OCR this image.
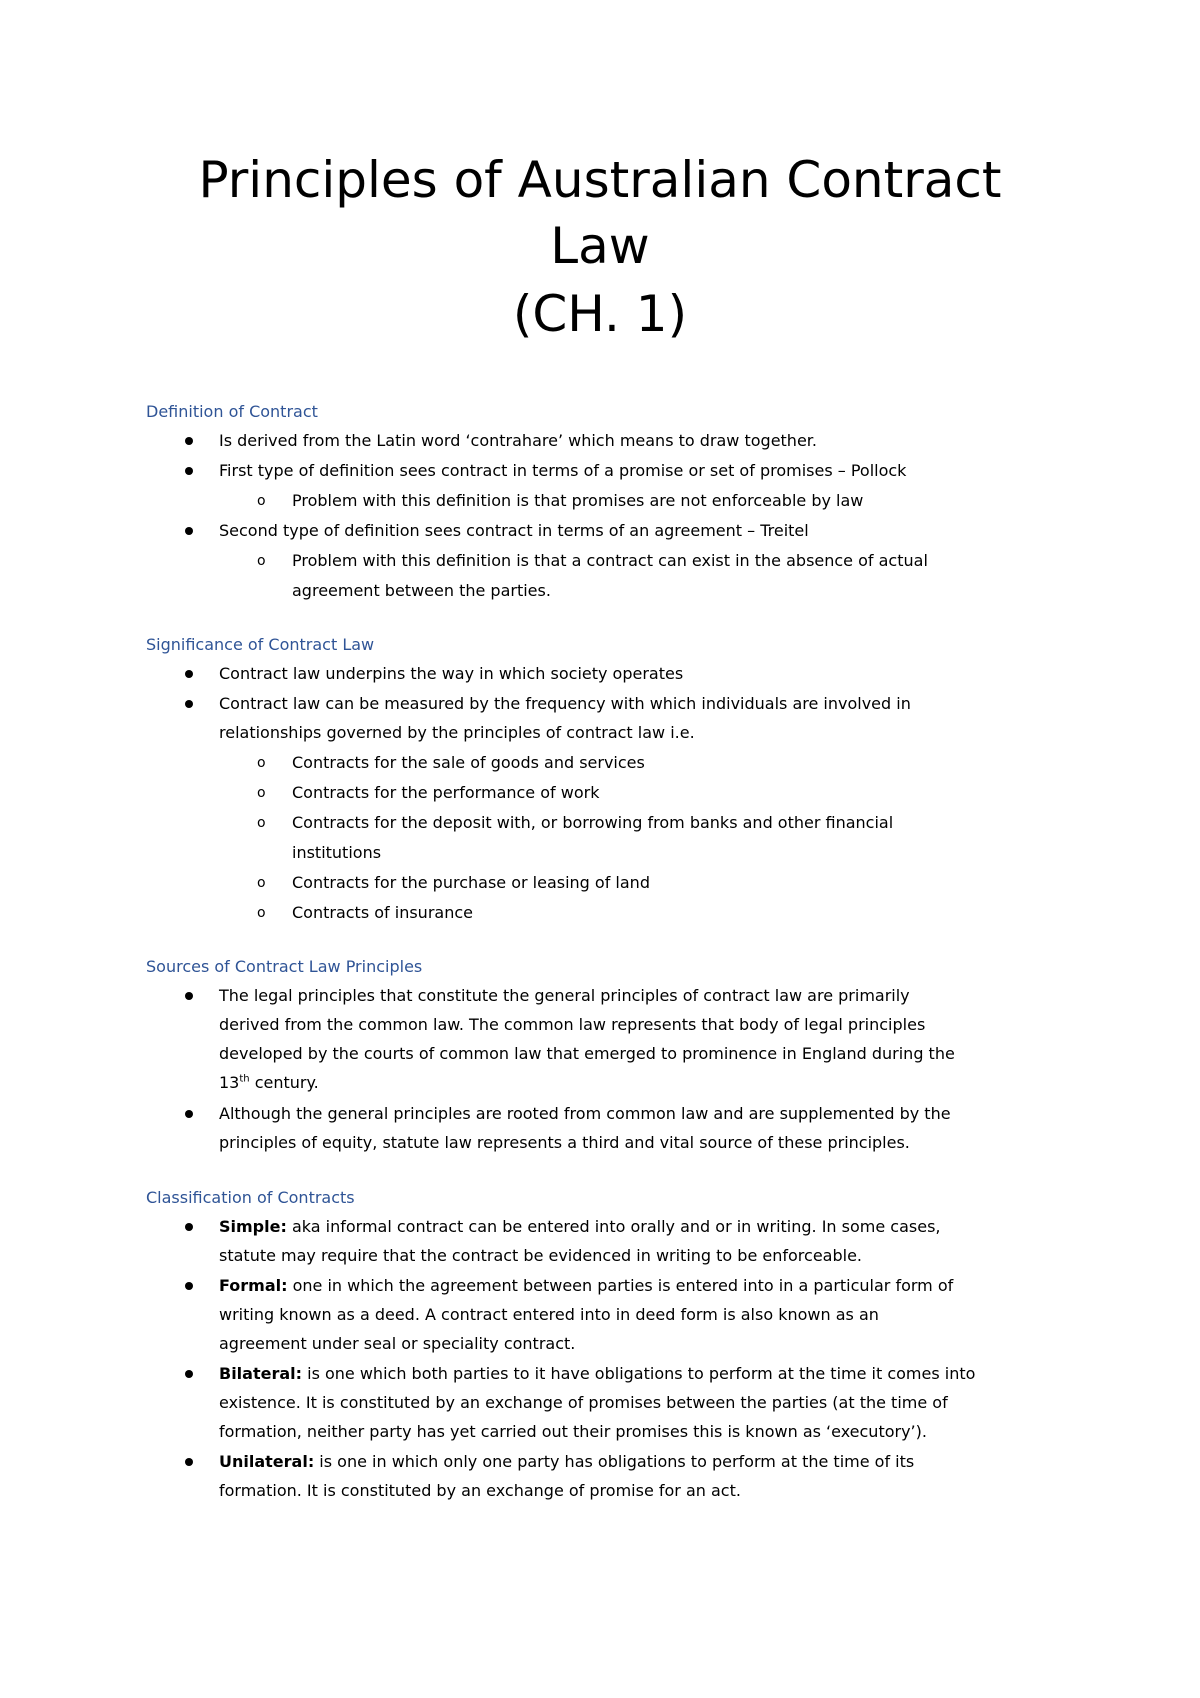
Principles of Australian Contract
Law
(CH. 1)
Definition of Contract
Is derived from the Latin word ‘contrahare’ which means to draw together.
First type of definition sees contract in terms of a promise or set of promises – Pollock
o Problem with this definition is that promises are not enforceable by law
Second type of definition sees contract in terms of an agreement – Treitel
o Problem with this definition is that a contract can exist in the absence of actual
agreement between the parties.
Significance of Contract Law
Contract law underpins the way in which society operates
Contract law can be measured by the frequency with which individuals are involved in
relationships governed by the principles of contract law i.e.
o Contracts for the sale of goods and services
o Contracts for the performance of work
o Contracts for the deposit with, or borrowing from banks and other financial
institutions
o Contracts for the purchase or leasing of land
o Contracts of insurance
Sources of Contract Law Principles
The legal principles that constitute the general principles of contract law are primarily
derived from the common law. The common law represents that body of legal principles
developed by the courts of common law that emerged to prominence in England during the
13th century.
Although the general principles are rooted from common law and are supplemented by the
principles of equity, statute law represents a third and vital source of these principles.
Classification of Contracts
Simple: aka informal contract can be entered into orally and or in writing. In some cases,
statute may require that the contract be evidenced in writing to be enforceable.
Formal: one in which the agreement between parties is entered into in a particular form of
writing known as a deed. A contract entered into in deed form is also known as an
agreement under seal or speciality contract.
Bilateral: is one which both parties to it have obligations to perform at the time it comes into
existence. It is constituted by an exchange of promises between the parties (at the time of
formation, neither party has yet carried out their promises this is known as ‘executory’).
Unilateral: is one in which only one party has obligations to perform at the time of its
formation. It is constituted by an exchange of promise for an act.
